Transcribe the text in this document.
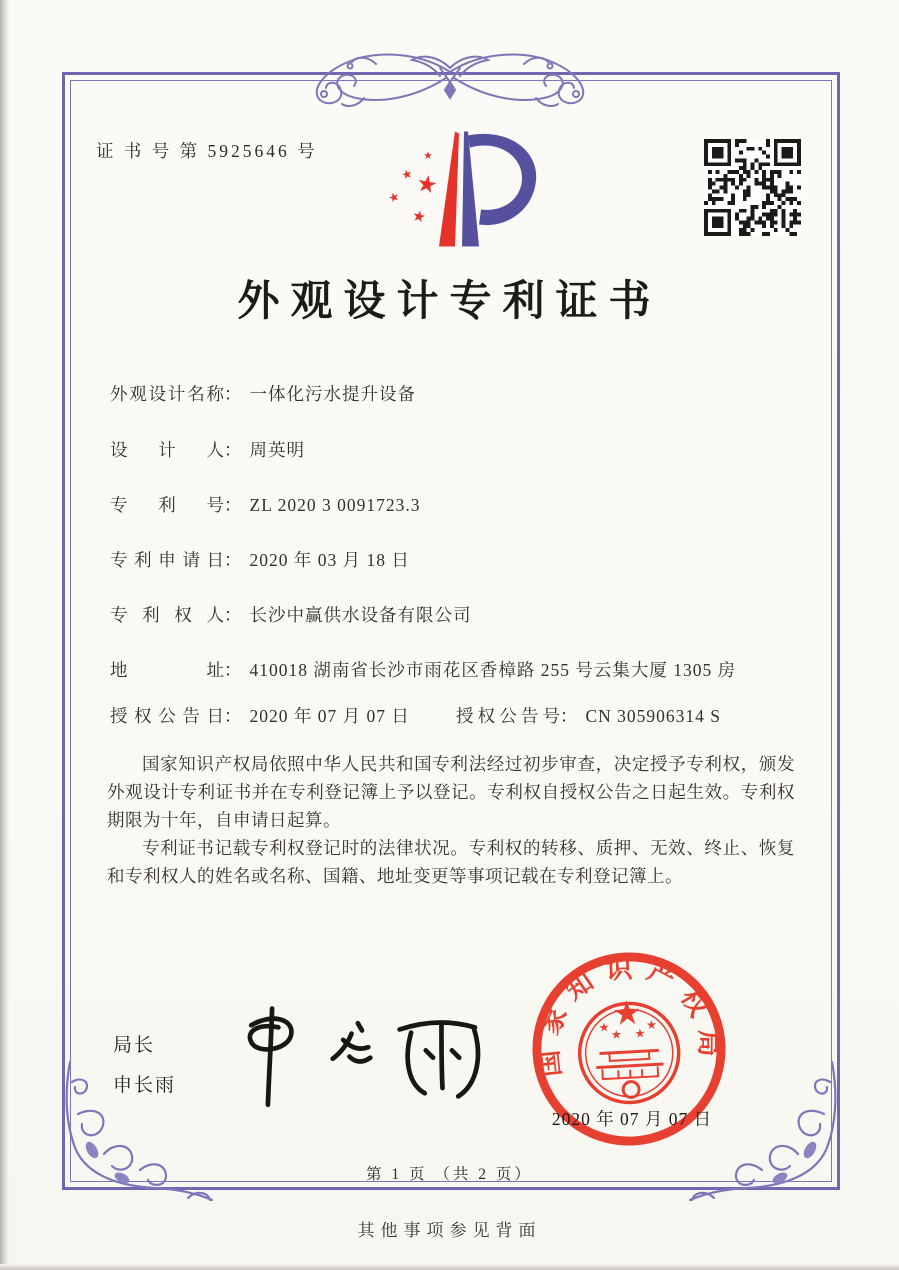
证 书 号 第 5925646 号
外观设计专利证书
外观设计名称： 一体化污水提升设备
设 计 人： 周英明
专 利 号： ZL 2020 3 0091723.3
专利申请日： 2020 年 03 月 18 日
专 利 权 人： 长沙中赢供水设备有限公司
地 址： 410018 湖南省长沙市雨花区香樟路 255 号云集大厦 1305 房
授权公告日： 2020 年 07 月 07 日	授权公告号： CN 305906314 S

国家知识产权局依照中华人民共和国专利法经过初步审查，决定授予专利权，颁发外观设计专利证书并在专利登记簿上予以登记。专利权自授权公告之日起生效。专利权期限为十年，自申请日起算。

专利证书记载专利权登记时的法律状况。专利权的转移、质押、无效、终止、恢复和专利权人的姓名或名称、国籍、地址变更等事项记载在专利登记簿上。

局长
申长雨
国家知识产权局
2020 年 07 月 07 日
第 1 页 （共 2 页）
其他事项参见背面
